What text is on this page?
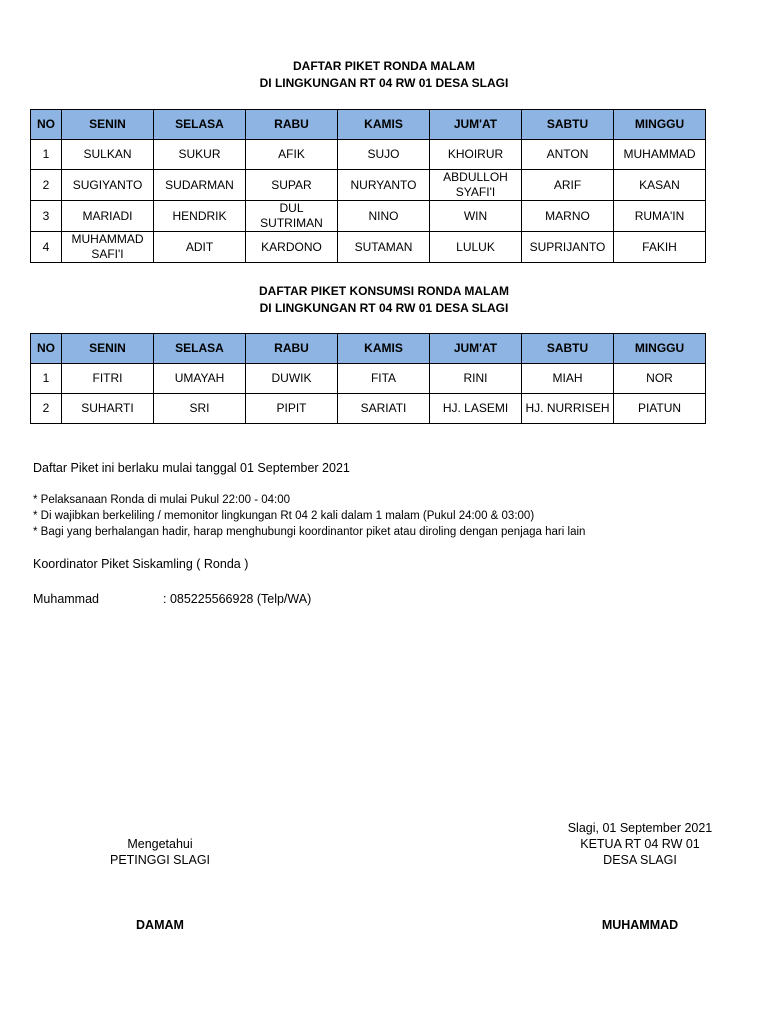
DAFTAR PIKET RONDA MALAM
DI LINGKUNGAN RT 04 RW 01 DESA SLAGI
NO	SENIN	SELASA	RABU	KAMIS	JUM'AT	SABTU	MINGGU
1	SULKAN	SUKUR	AFIK	SUJO	KHOIRUR	ANTON	MUHAMMAD
2	SUGIYANTO	SUDARMAN	SUPAR	NURYANTO	ABDULLOH SYAFI'I	ARIF	KASAN
3	MARIADI	HENDRIK	DUL SUTRIMAN	NINO	WIN	MARNO	RUMA'IN
4	MUHAMMAD SAFI'I	ADIT	KARDONO	SUTAMAN	LULUK	SUPRIJANTO	FAKIH
DAFTAR PIKET KONSUMSI RONDA MALAM
DI LINGKUNGAN RT 04 RW 01 DESA SLAGI
NO	SENIN	SELASA	RABU	KAMIS	JUM'AT	SABTU	MINGGU
1	FITRI	UMAYAH	DUWIK	FITA	RINI	MIAH	NOR
2	SUHARTI	SRI	PIPIT	SARIATI	HJ. LASEMI	HJ. NURRISEH	PIATUN
Daftar Piket ini berlaku mulai tanggal 01 September 2021
* Pelaksanaan Ronda di mulai Pukul 22:00 - 04:00
* Di wajibkan berkeliling / memonitor lingkungan Rt 04 2 kali dalam 1 malam (Pukul 24:00 & 03:00)
* Bagi yang berhalangan hadir, harap menghubungi koordinantor piket atau diroling dengan penjaga hari lain
Koordinator Piket Siskamling ( Ronda )
Muhammad	: 085225566928 (Telp/WA)
Mengetahui
PETINGGI SLAGI
DAMAM
Slagi, 01 September 2021
KETUA RT 04 RW 01
DESA SLAGI
MUHAMMAD
